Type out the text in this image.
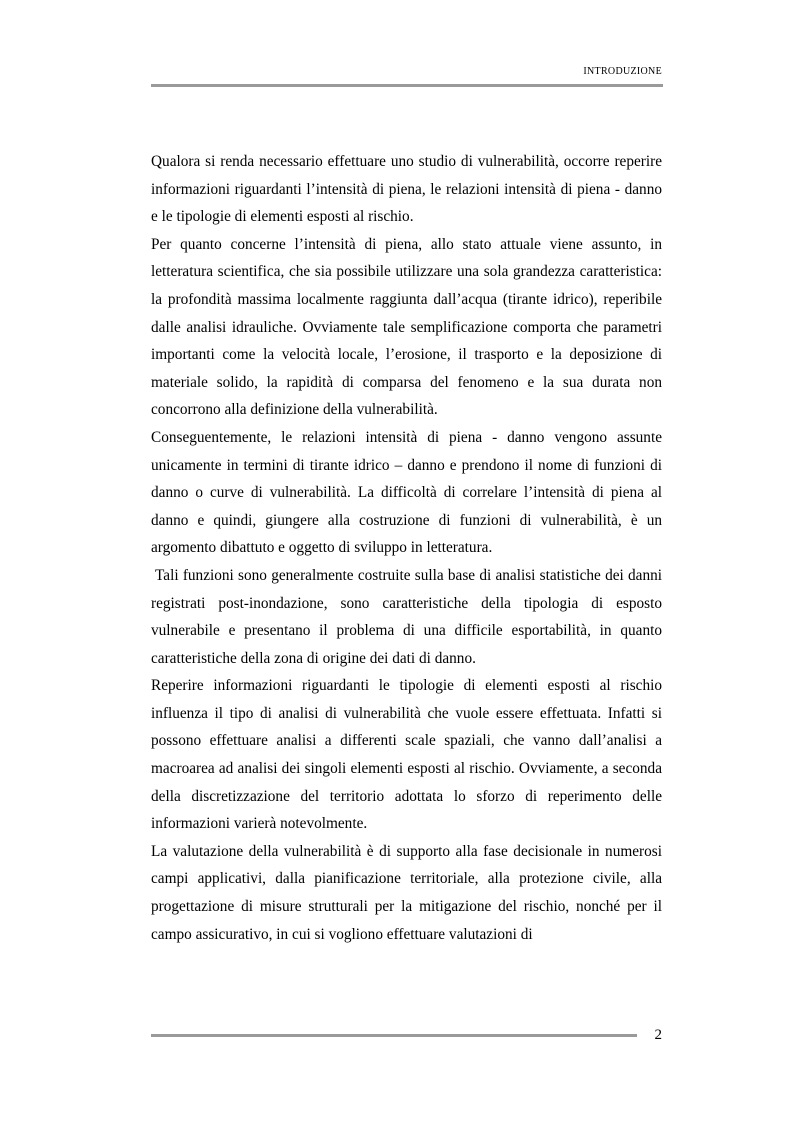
INTRODUZIONE

Qualora si renda necessario effettuare uno studio di vulnerabilità, occorre reperire informazioni riguardanti l’intensità di piena, le relazioni intensità di piena - danno e le tipologie di elementi esposti al rischio.

Per quanto concerne l’intensità di piena, allo stato attuale viene assunto, in letteratura scientifica, che sia possibile utilizzare una sola grandezza caratteristica: la profondità massima localmente raggiunta dall’acqua (tirante idrico), reperibile dalle analisi idrauliche. Ovviamente tale semplificazione comporta che parametri importanti come la velocità locale, l’erosione, il trasporto e la deposizione di materiale solido, la rapidità di comparsa del fenomeno e la sua durata non concorrono alla definizione della vulnerabilità.

Conseguentemente, le relazioni intensità di piena - danno vengono assunte unicamente in termini di tirante idrico – danno e prendono il nome di funzioni di danno o curve di vulnerabilità. La difficoltà di correlare l’intensità di piena al danno e quindi, giungere alla costruzione di funzioni di vulnerabilità, è un argomento dibattuto e oggetto di sviluppo in letteratura.

Tali funzioni sono generalmente costruite sulla base di analisi statistiche dei danni registrati post-inondazione, sono caratteristiche della tipologia di esposto vulnerabile e presentano il problema di una difficile esportabilità, in quanto caratteristiche della zona di origine dei dati di danno.

Reperire informazioni riguardanti le tipologie di elementi esposti al rischio influenza il tipo di analisi di vulnerabilità che vuole essere effettuata. Infatti si possono effettuare analisi a differenti scale spaziali, che vanno dall’analisi a macroarea ad analisi dei singoli elementi esposti al rischio. Ovviamente, a seconda della discretizzazione del territorio adottata lo sforzo di reperimento delle informazioni varierà notevolmente.

La valutazione della vulnerabilità è di supporto alla fase decisionale in numerosi campi applicativi, dalla pianificazione territoriale, alla protezione civile, alla progettazione di misure strutturali per la mitigazione del rischio, nonché per il campo assicurativo, in cui si vogliono effettuare valutazioni di

2
